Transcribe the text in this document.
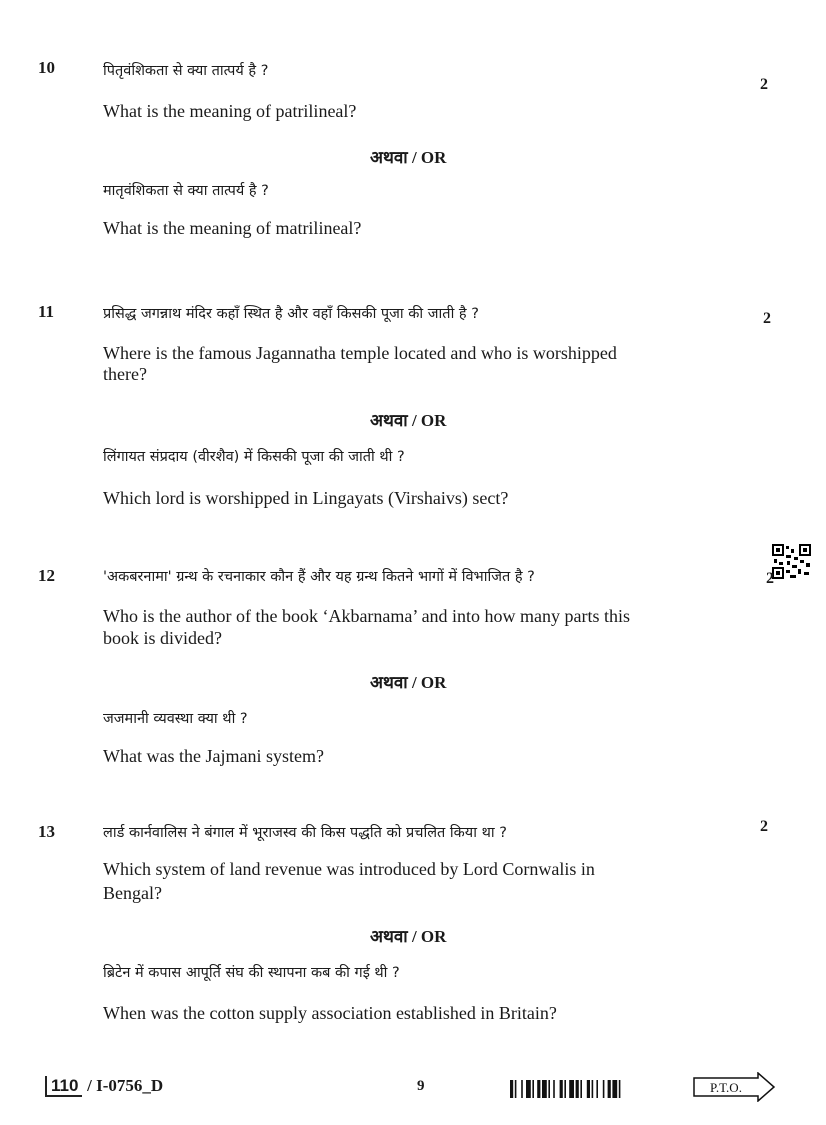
10
2
पितृवंशिकता से क्या तात्पर्य है ?
What is the meaning of patrilineal?
अथवा / OR
मातृवंशिकता से क्या तात्पर्य है ?
What is the meaning of matrilineal?
11	2
प्रसिद्ध जगन्नाथ मंदिर कहाँ स्थित है और वहाँ किसकी पूजा की जाती है ?
Where is the famous Jagannatha temple located and who is worshipped
there?
अथवा / OR
लिंगायत संप्रदाय (वीरशैव) में किसकी पूजा की जाती थी ?
Which lord is worshipped in Lingayats (Virshaivs) sect?
12	2
'अकबरनामा' ग्रन्थ के रचनाकार कौन हैं और यह ग्रन्थ कितने भागों में विभाजित है ?
Who is the author of the book ‘Akbarnama’ and into how many parts this
book is divided?
अथवा / OR
जजमानी व्यवस्था क्या थी ?
What was the Jajmani system?
13	2
लार्ड कार्नवालिस ने बंगाल में भूराजस्व की किस पद्धति को प्रचलित किया था ?
Which system of land revenue was introduced by Lord Cornwalis in
Bengal?
अथवा / OR
ब्रिटेन में कपास आपूर्ति संघ की स्थापना कब की गई थी ?
When was the cotton supply association established in Britain?
110 / I-0756_D	9	P.T.O.
